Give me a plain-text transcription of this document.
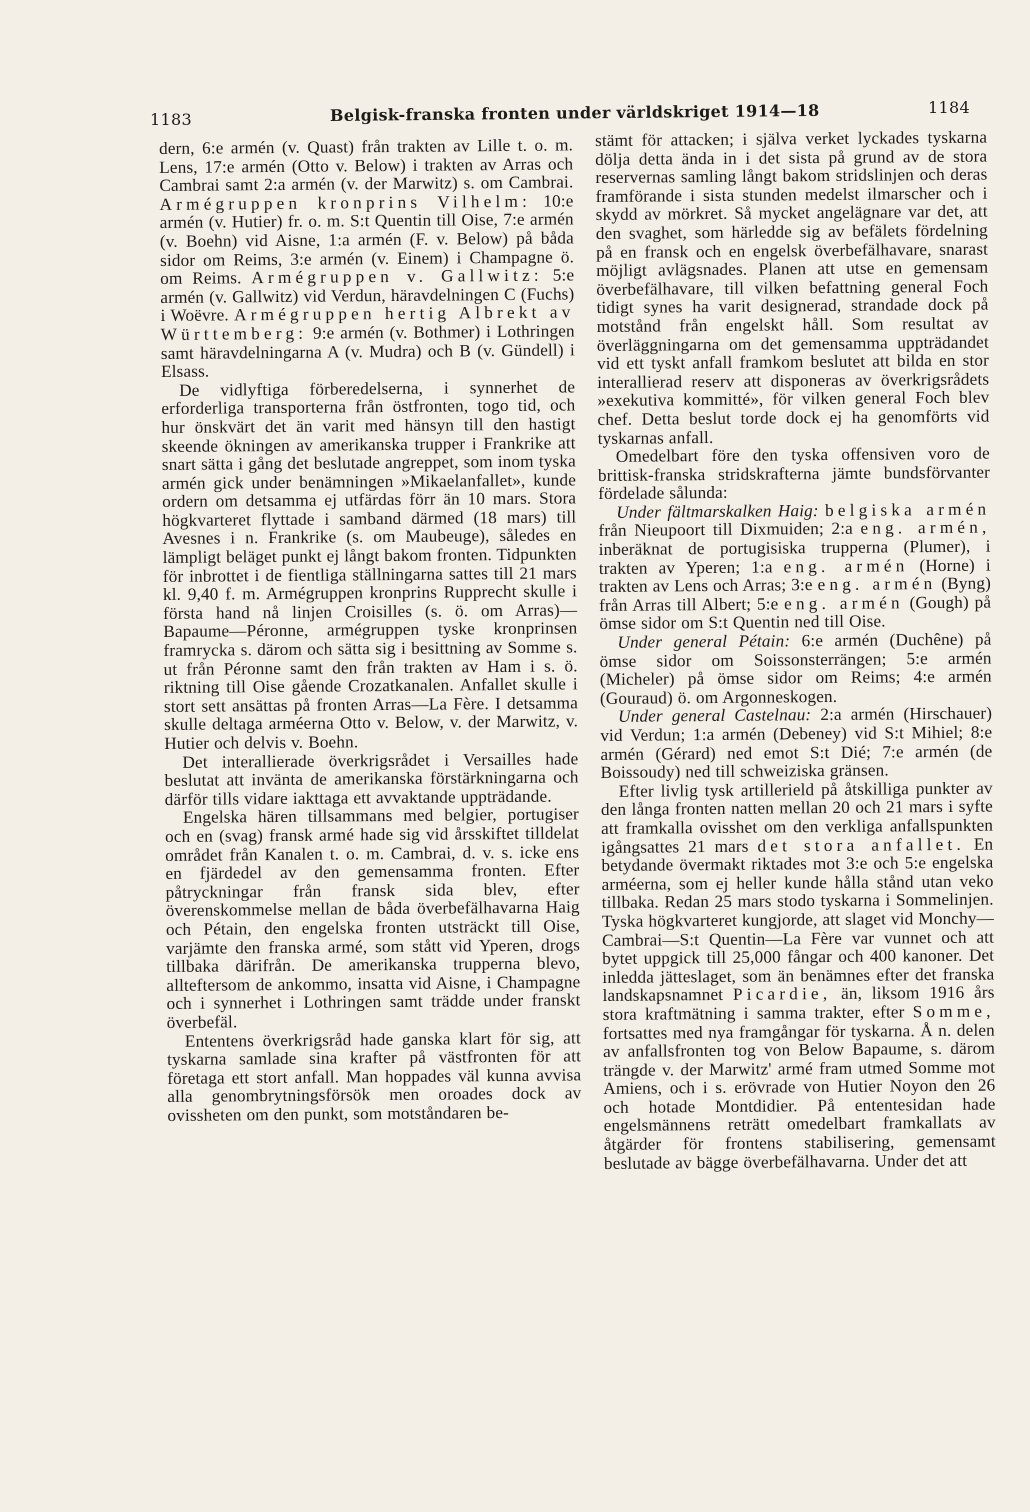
1183	Belgisk-franska fronten under världskriget 1914—18	1184

dern, 6:e armén (v. Quast) från trakten av Lille t. o. m. Lens, 17:e armén (Otto v. Below) i trakten av Arras och Cambrai samt 2:a armén (v. der Marwitz) s. om Cambrai. Armégruppen kronprins Vilhelm: 10:e armén (v. Hutier) fr. o. m. S:t Quentin till Oise, 7:e armén (v. Boehn) vid Aisne, 1:a armén (F. v. Below) på båda sidor om Reims, 3:e armén (v. Einem) i Champagne ö. om Reims. Armégruppen v. Gallwitz: 5:e armén (v. Gallwitz) vid Verdun, häravdelningen C (Fuchs) i Woëvre. Armégruppen hertig Albrekt av Württemberg: 9:e armén (v. Bothmer) i Lothringen samt häravdelningarna A (v. Mudra) och B (v. Gündell) i Elsass.

De vidlyftiga förberedelserna, i synnerhet de erforderliga transporterna från östfronten, togo tid, och hur önskvärt det än varit med hänsyn till den hastigt skeende ökningen av amerikanska trupper i Frankrike att snart sätta i gång det beslutade angreppet, som inom tyska armén gick under benämningen »Mikaelanfallet», kunde ordern om detsamma ej utfärdas förr än 10 mars. Stora högkvarteret flyttade i samband därmed (18 mars) till Avesnes i n. Frankrike (s. om Maubeuge), således en lämpligt beläget punkt ej långt bakom fronten. Tidpunkten för inbrottet i de fientliga ställningarna sattes till 21 mars kl. 9,40 f. m. Armégruppen kronprins Rupprecht skulle i första hand nå linjen Croisilles (s. ö. om Arras)—Bapaume—Péronne, armégruppen tyske kronprinsen framrycka s. därom och sätta sig i besittning av Somme s. ut från Péronne samt den från trakten av Ham i s. ö. riktning till Oise gående Crozatkanalen. Anfallet skulle i stort sett ansättas på fronten Arras—La Fère. I detsamma skulle deltaga arméerna Otto v. Below, v. der Marwitz, v. Hutier och delvis v. Boehn.

Det interallierade överkrigsrådet i Versailles hade beslutat att invänta de amerikanska förstärkningarna och därför tills vidare iakttaga ett avvaktande uppträdande.

Engelska hären tillsammans med belgier, portugiser och en (svag) fransk armé hade sig vid årsskiftet tilldelat området från Kanalen t. o. m. Cambrai, d. v. s. icke ens en fjärdedel av den gemensamma fronten. Efter påtryckningar från fransk sida blev, efter överenskommelse mellan de båda överbefälhavarna Haig och Pétain, den engelska fronten utsträckt till Oise, varjämte den franska armé, som stått vid Yperen, drogs tillbaka därifrån. De amerikanska trupperna blevo, allteftersom de ankommo, insatta vid Aisne, i Champagne och i synnerhet i Lothringen samt trädde under franskt överbefäl.

Ententens överkrigsråd hade ganska klart för sig, att tyskarna samlade sina krafter på västfronten för att företaga ett stort anfall. Man hoppades väl kunna avvisa alla genombrytningsförsök men oroades dock av ovissheten om den punkt, som motståndaren be-

stämt för attacken; i själva verket lyckades tyskarna dölja detta ända in i det sista på grund av de stora reservernas samling långt bakom stridslinjen och deras framförande i sista stunden medelst ilmarscher och i skydd av mörkret. Så mycket angelägnare var det, att den svaghet, som härledde sig av befälets fördelning på en fransk och en engelsk överbefälhavare, snarast möjligt avlägsnades. Planen att utse en gemensam överbefälhavare, till vilken befattning general Foch tidigt synes ha varit designerad, strandade dock på motstånd från engelskt håll. Som resultat av överläggningarna om det gemensamma uppträdandet vid ett tyskt anfall framkom beslutet att bilda en stor interallierad reserv att disponeras av överkrigsrådets »exekutiva kommitté», för vilken general Foch blev chef. Detta beslut torde dock ej ha genomförts vid tyskarnas anfall.

Omedelbart före den tyska offensiven voro de brittisk-franska stridskrafterna jämte bundsförvanter fördelade sålunda:

Under fältmarskalken Haig: belgiska armén från Nieupoort till Dixmuiden; 2:a eng. armén, inberäknat de portugisiska trupperna (Plumer), i trakten av Yperen; 1:a eng. armén (Horne) i trakten av Lens och Arras; 3:e eng. armén (Byng) från Arras till Albert; 5:e eng. armén (Gough) på ömse sidor om S:t Quentin ned till Oise.

Under general Pétain: 6:e armén (Duchêne) på ömse sidor om Soissonsterrängen; 5:e armén (Micheler) på ömse sidor om Reims; 4:e armén (Gouraud) ö. om Argonneskogen.

Under general Castelnau: 2:a armén (Hirschauer) vid Verdun; 1:a armén (Debeney) vid S:t Mihiel; 8:e armén (Gérard) ned emot S:t Dié; 7:e armén (de Boissoudy) ned till schweiziska gränsen.

Efter livlig tysk artillerield på åtskilliga punkter av den långa fronten natten mellan 20 och 21 mars i syfte att framkalla ovisshet om den verkliga anfallspunkten igångsattes 21 mars det stora anfallet. En betydande övermakt riktades mot 3:e och 5:e engelska arméerna, som ej heller kunde hålla stånd utan veko tillbaka. Redan 25 mars stodo tyskarna i Sommelinjen. Tyska högkvarteret kungjorde, att slaget vid Monchy—Cambrai—S:t Quentin—La Fère var vunnet och att bytet uppgick till 25,000 fångar och 400 kanoner. Det inledda jätteslaget, som än benämnes efter det franska landskapsnamnet Picardie, än, liksom 1916 års stora kraftmätning i samma trakter, efter Somme, fortsattes med nya framgångar för tyskarna. Å n. delen av anfallsfronten tog von Below Bapaume, s. därom trängde v. der Marwitz' armé fram utmed Somme mot Amiens, och i s. erövrade von Hutier Noyon den 26 och hotade Montdidier. På ententesidan hade engelsmännens reträtt omedelbart framkallats av åtgärder för frontens stabilisering, gemensamt beslutade av bägge överbefälhavarna. Under det att
